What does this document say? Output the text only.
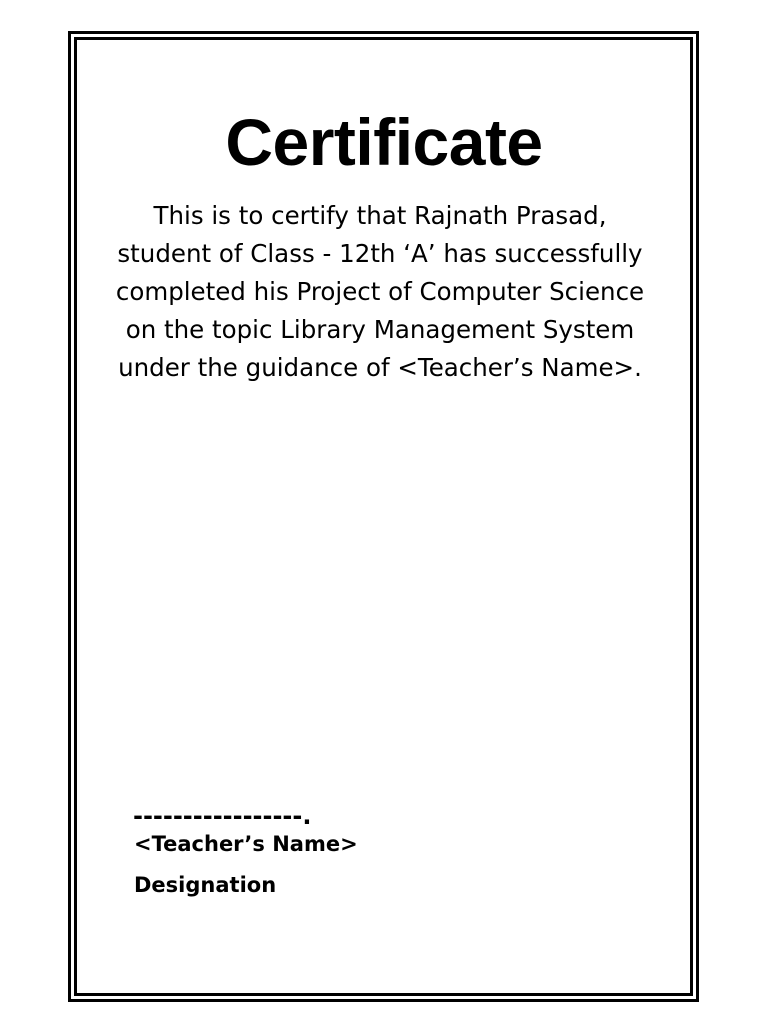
Certificate

This is to certify that Rajnath Prasad, student of Class - 12th ‘A’ has successfully completed his Project of Computer Science on the topic Library Management System under the guidance of <Teacher’s Name>.

-----------------.
<Teacher’s Name>
Designation
